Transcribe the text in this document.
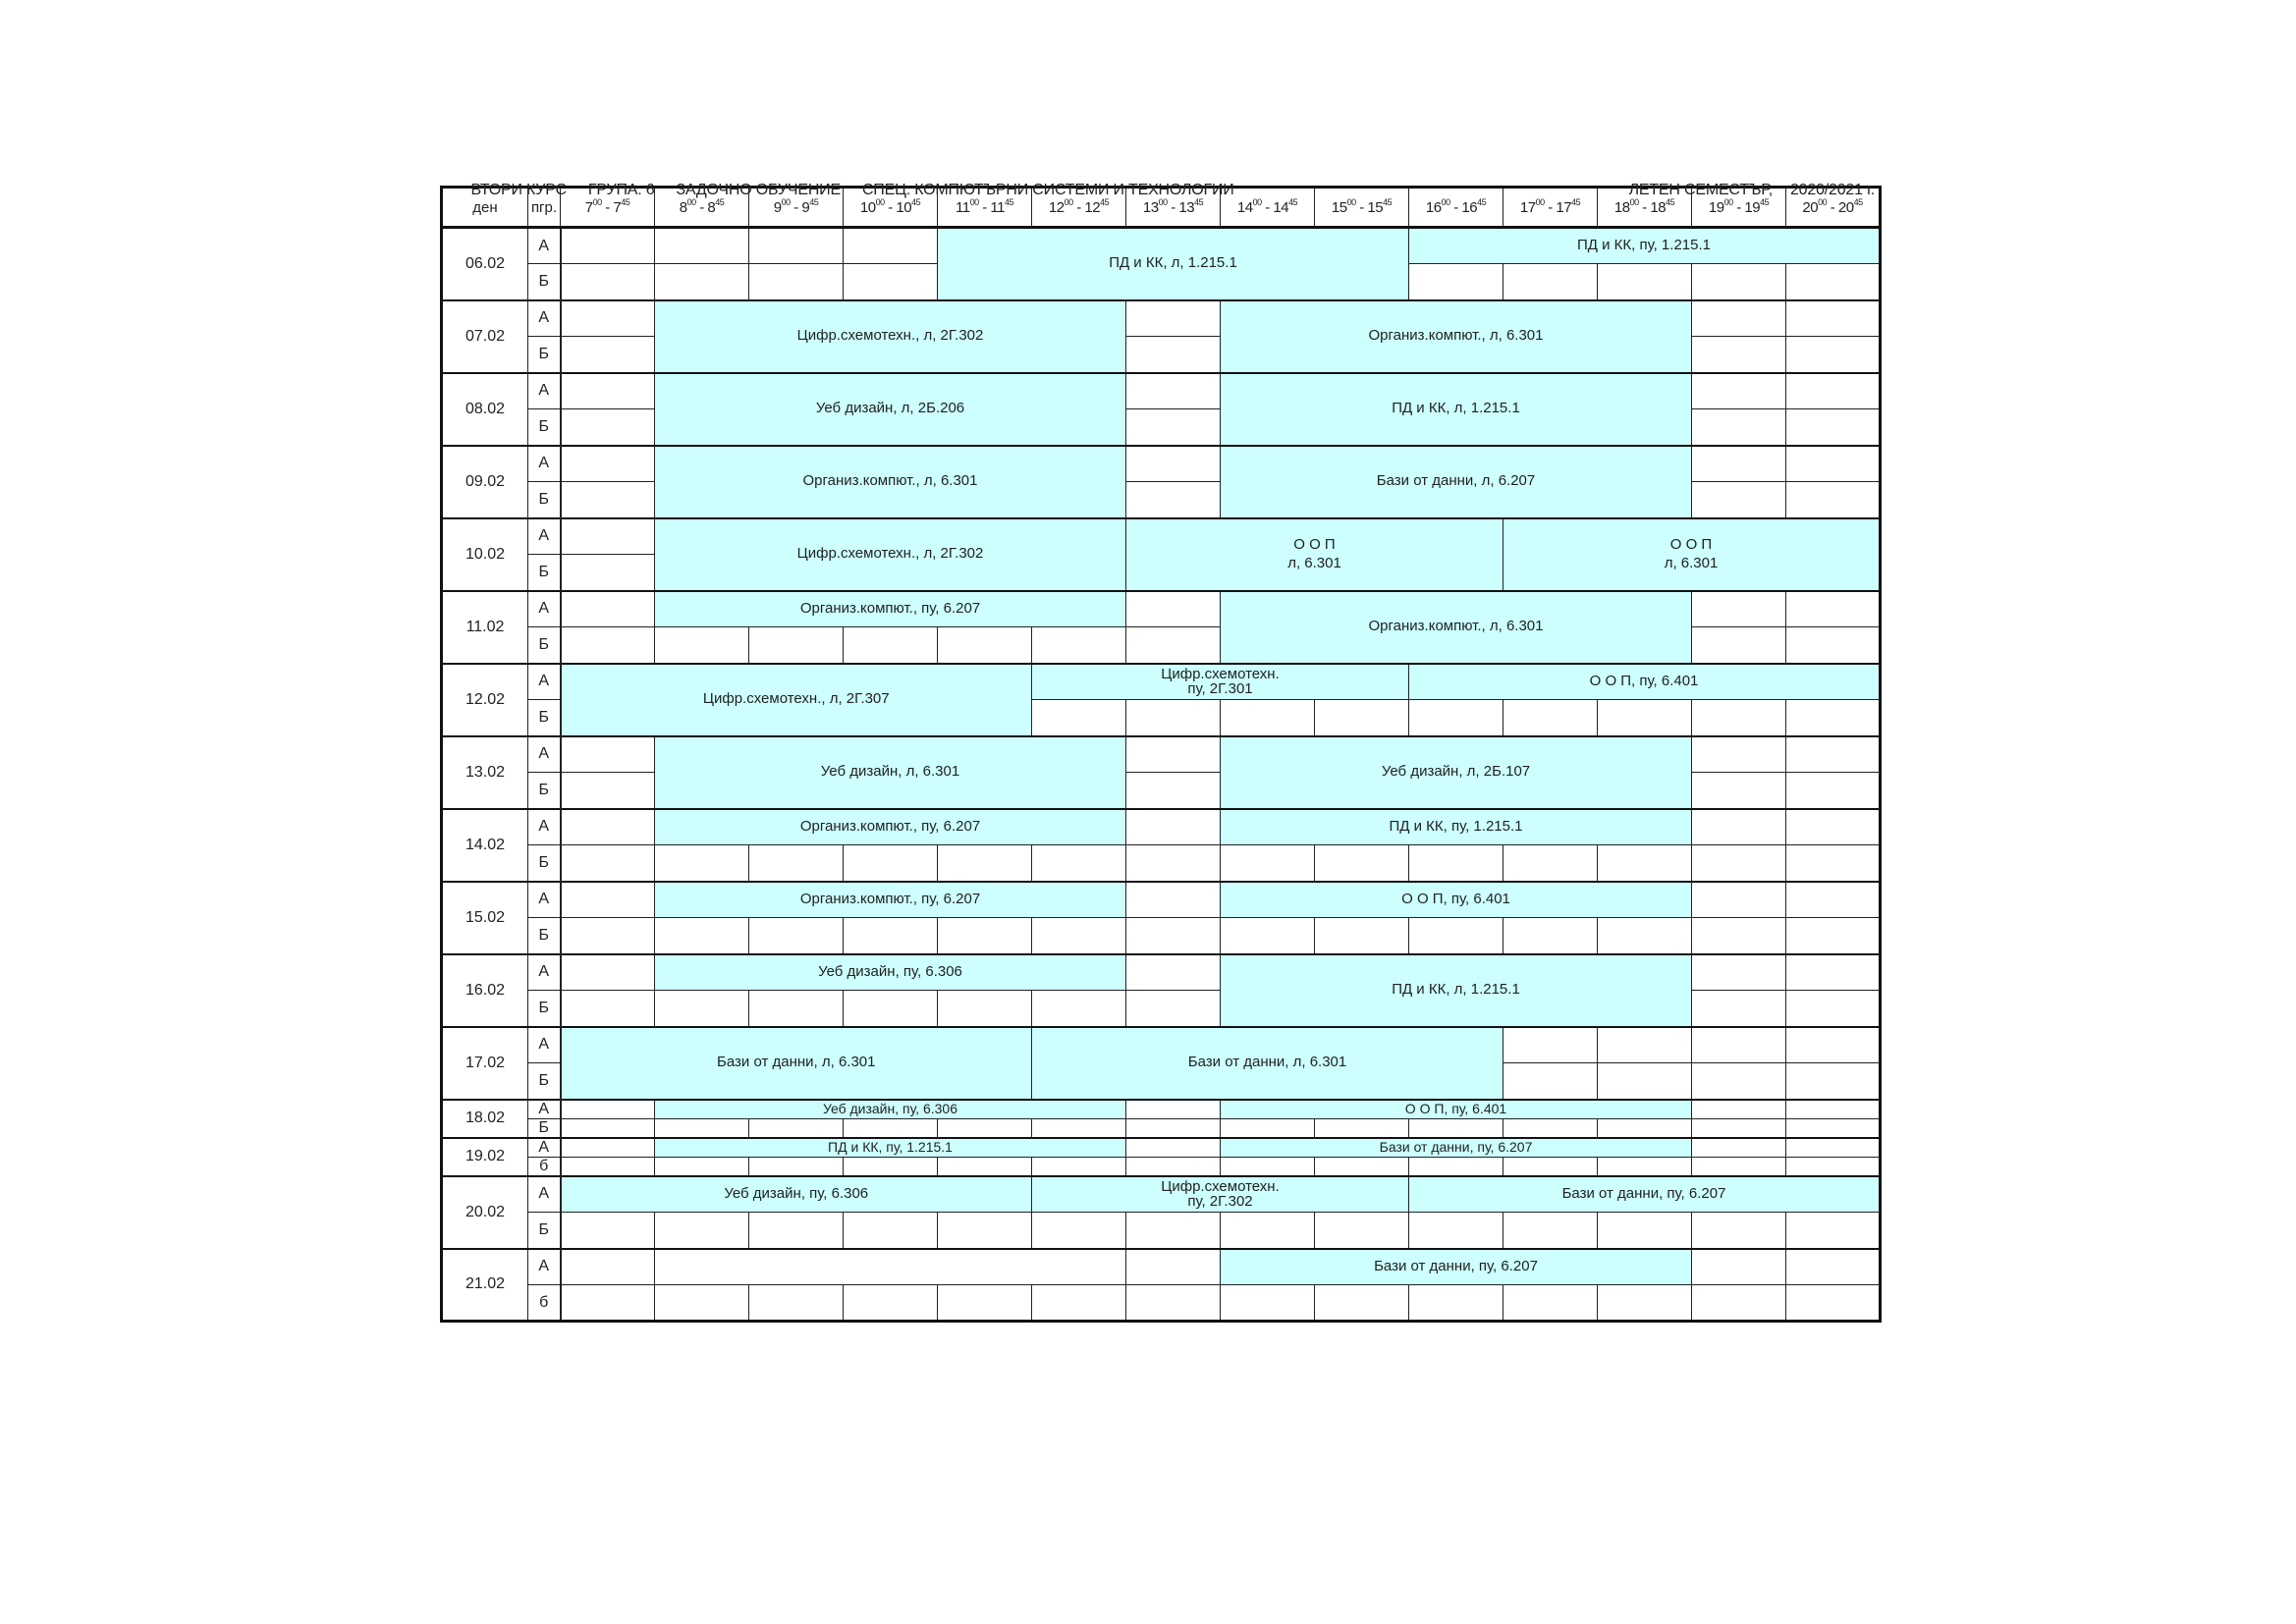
ВТОРИ КУРС ГРУПА: 6 ЗАДОЧНО ОБУЧЕНИЕ СПЕЦ: КОМПЮТЪРНИ СИСТЕМИ И ТЕХНОЛОГИИ
	ЛЕТЕН СЕМЕСТЪР, 2020/2021 г.

ден	пгр.	$7^{00} - 7^{45}$	$8^{00} - 8^{45}$	$9^{00} - 9^{45}$	$10^{00} - 10^{45}$	$11^{00} - 11^{45}$	$12^{00} - 12^{45}$	$13^{00} - 13^{45}$	$14^{00} - 14^{45}$	$15^{00} - 15^{45}$	$16^{00} - 16^{45}$	$17^{00} - 17^{45}$	$18^{00} - 18^{45}$	$19^{00} - 19^{45}$	$20^{00} - 20^{45}$
06.02	А					ПД и КК, л, 1.215.1					ПД и КК, пу, 1.215.1				
	Б														
07.02	А		Цифр.схемотехн., л, 2Г.302						Организ.компют., л, 6.301						
	Б														
08.02	А		Уеб дизайн, л, 2Б.206						ПД и КК, л, 1.215.1						
	Б														
09.02	А		Организ.компют., л, 6.301						Бази от данни, л, 6.207						
	Б														
10.02	А		Цифр.схемотехн., л, 2Г.302					О О П
л, 6.301				О О П
л, 6.301			
	Б														
11.02	А		Организ.компют., пу, 6.207						Организ.компют., л, 6.301						
	Б														
12.02	А	Цифр.схемотехн., л, 2Г.307					Цифр.схемотехн.
пу, 2Г.301				О О П, пу, 6.401				
	Б														
13.02	А		Уеб дизайн, л, 6.301						Уеб дизайн, л, 2Б.107						
	Б														
14.02	А		Организ.компют., пу, 6.207						ПД и КК, пу, 1.215.1						
	Б														
15.02	А		Организ.компют., пу, 6.207						О О П, пу, 6.401						
	Б														
16.02	А		Уеб дизайн, пу, 6.306						ПД и КК, л, 1.215.1						
	Б														
17.02	А	Бази от данни, л, 6.301					Бази от данни, л, 6.301								
	Б														
18.02	А		Уеб дизайн, пу, 6.306						О О П, пу, 6.401						
	Б														
19.02	А		ПД и КК, пу, 1.215.1						Бази от данни, пу, 6.207						
	б														
20.02	А	Уеб дизайн, пу, 6.306					Цифр.схемотехн.
пу, 2Г.302				Бази от данни, пу, 6.207				
	Б														
21.02	А								Бази от данни, пу, 6.207						
	б														
